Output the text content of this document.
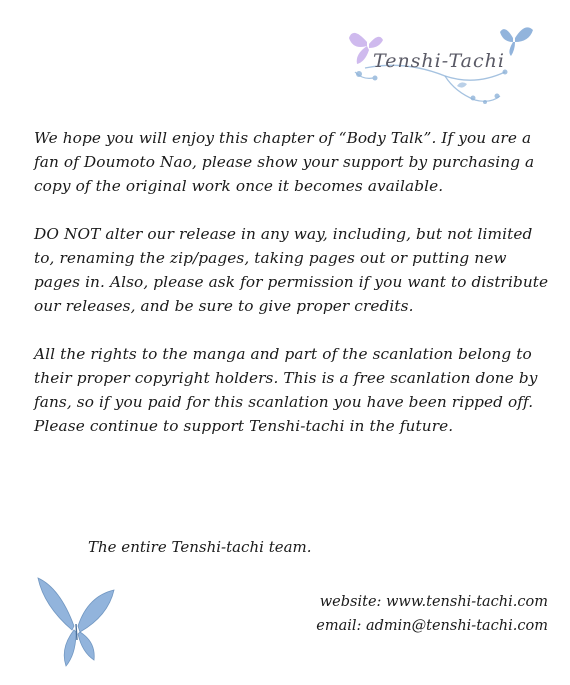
Tenshi-Tachi

We hope you will enjoy this chapter of “Body Talk”. If you are a fan of Doumoto Nao, please show your support by purchasing a copy of the original work once it becomes available.

DO NOT alter our release in any way, including, but not limited to, renaming the zip/pages, taking pages out or putting new pages in. Also, please ask for permission if you want to distribute our releases, and be sure to give proper credits.

All the rights to the manga and part of the scanlation belong to their proper copyright holders. This is a free scanlation done by fans, so if you paid for this scanlation you have been ripped off. Please continue to support Tenshi-tachi in the future.

The entire Tenshi-tachi team.
website: www.tenshi-tachi.com
email: admin@tenshi-tachi.com
